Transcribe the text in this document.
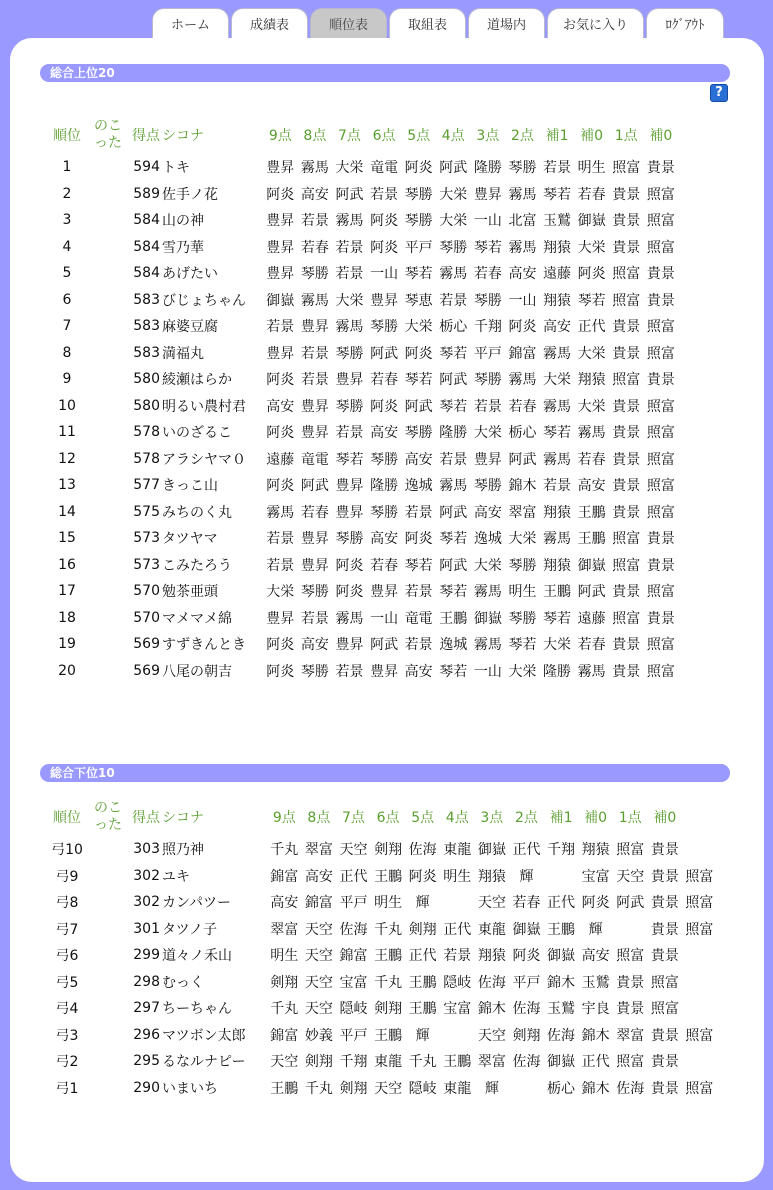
ホーム	成績表	順位表	取組表	道場内	お気に入り	ﾛｸﾞｱｳﾄ
総合上位20
?
順位	のこった	得点	シコナ	9点	8点	7点	6点	5点	4点	3点	2点	補1	補0	1点	補0
1		594	トキ	豊昇	霧馬	大栄	竜電	阿炎	阿武	隆勝	琴勝	若景	明生	照富	貴景
2		589	佐手ノ花	阿炎	高安	阿武	若景	琴勝	大栄	豊昇	霧馬	琴若	若春	貴景	照富
3		584	山の神	豊昇	若景	霧馬	阿炎	琴勝	大栄	一山	北富	玉鷲	御嶽	貴景	照富
4		584	雪乃華	豊昇	若春	若景	阿炎	平戸	琴勝	琴若	霧馬	翔猿	大栄	貴景	照富
5		584	あげたい	豊昇	琴勝	若景	一山	琴若	霧馬	若春	高安	遠藤	阿炎	照富	貴景
6		583	びじょちゃん	御嶽	霧馬	大栄	豊昇	琴恵	若景	琴勝	一山	翔猿	琴若	照富	貴景
7		583	麻婆豆腐	若景	豊昇	霧馬	琴勝	大栄	栃心	千翔	阿炎	高安	正代	貴景	照富
8		583	満福丸	豊昇	若景	琴勝	阿武	阿炎	琴若	平戸	錦富	霧馬	大栄	貴景	照富
9		580	綾瀬はらか	阿炎	若景	豊昇	若春	琴若	阿武	琴勝	霧馬	大栄	翔猿	照富	貴景
10		580	明るい農村君	高安	豊昇	琴勝	阿炎	阿武	琴若	若景	若春	霧馬	大栄	貴景	照富
11		578	いのざるこ	阿炎	豊昇	若景	高安	琴勝	隆勝	大栄	栃心	琴若	霧馬	貴景	照富
12		578	アラシヤマ０	遠藤	竜電	琴若	琴勝	高安	若景	豊昇	阿武	霧馬	若春	貴景	照富
13		577	きっこ山	阿炎	阿武	豊昇	隆勝	逸城	霧馬	琴勝	錦木	若景	高安	貴景	照富
14		575	みちのく丸	霧馬	若春	豊昇	琴勝	若景	阿武	高安	翠富	翔猿	王鵬	貴景	照富
15		573	タツヤマ	若景	豊昇	琴勝	高安	阿炎	琴若	逸城	大栄	霧馬	王鵬	照富	貴景
16		573	こみたろう	若景	豊昇	阿炎	若春	琴若	阿武	大栄	琴勝	翔猿	御嶽	照富	貴景
17		570	勉茶亜頭	大栄	琴勝	阿炎	豊昇	若景	琴若	霧馬	明生	王鵬	阿武	貴景	照富
18		570	マメマメ綿	豊昇	若景	霧馬	一山	竜電	王鵬	御嶽	琴勝	琴若	遠藤	照富	貴景
19		569	すずきんとき	阿炎	高安	豊昇	阿武	若景	逸城	霧馬	琴若	大栄	若春	貴景	照富
20		569	八尾の朝吉	阿炎	琴勝	若景	豊昇	高安	琴若	一山	大栄	隆勝	霧馬	貴景	照富
総合下位10
順位	のこった	得点	シコナ	9点	8点	7点	6点	5点	4点	3点	2点	補1	補0	1点	補0	
弓10		303	照乃神	千丸	翠富	天空	剣翔	佐海	東龍	御嶽	正代	千翔	翔猿	照富	貴景	
弓9		302	ユキ	錦富	高安	正代	王鵬	阿炎	明生	翔猿	輝		宝富	天空	貴景	照富
弓8		302	カンパツー	高安	錦富	平戸	明生	輝		天空	若春	正代	阿炎	阿武	貴景	照富
弓7		301	タツノ子	翠富	天空	佐海	千丸	剣翔	正代	東龍	御嶽	王鵬	輝		貴景	照富
弓6		299	道々ノ禾山	明生	天空	錦富	王鵬	正代	若景	翔猿	阿炎	御嶽	高安	照富	貴景	
弓5		298	むっく	剣翔	天空	宝富	千丸	王鵬	隠岐	佐海	平戸	錦木	玉鷲	貴景	照富	
弓4		297	ちーちゃん	千丸	天空	隠岐	剣翔	王鵬	宝富	錦木	佐海	玉鷲	宇良	貴景	照富	
弓3		296	マツボン太郎	錦富	妙義	平戸	王鵬	輝		天空	剣翔	佐海	錦木	翠富	貴景	照富
弓2		295	るなルナピー	天空	剣翔	千翔	東龍	千丸	王鵬	翠富	佐海	御嶽	正代	照富	貴景	
弓1		290	いまいち	王鵬	千丸	剣翔	天空	隠岐	東龍	輝		栃心	錦木	佐海	貴景	照富
